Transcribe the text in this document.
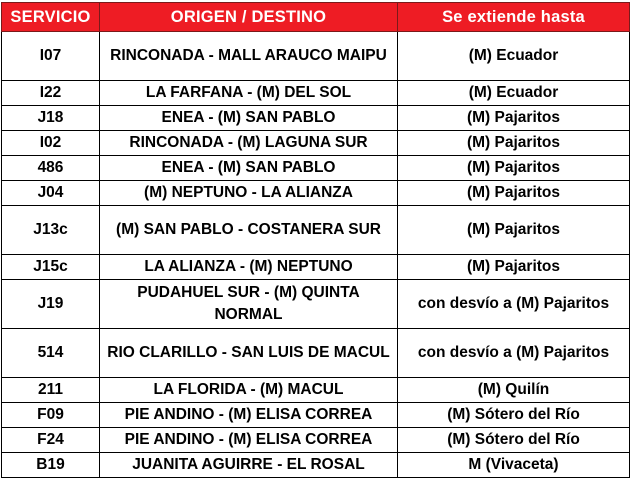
SERVICIO	ORIGEN / DESTINO	Se extiende hasta
I07	RINCONADA - MALL ARAUCO MAIPU	(M) Ecuador
I22	LA FARFANA - (M) DEL SOL	(M) Ecuador
J18	ENEA - (M) SAN PABLO	(M) Pajaritos
I02	RINCONADA - (M) LAGUNA SUR	(M) Pajaritos
486	ENEA - (M) SAN PABLO	(M) Pajaritos
J04	(M) NEPTUNO - LA ALIANZA	(M) Pajaritos
J13c	(M) SAN PABLO - COSTANERA SUR	(M) Pajaritos
J15c	LA ALIANZA - (M) NEPTUNO	(M) Pajaritos
J19	PUDAHUEL SUR - (M) QUINTA NORMAL	con desvío a (M) Pajaritos
514	RIO CLARILLO - SAN LUIS DE MACUL	con desvío a (M) Pajaritos
211	LA FLORIDA - (M) MACUL	(M) Quilín
F09	PIE ANDINO - (M) ELISA CORREA	(M) Sótero del Río
F24	PIE ANDINO - (M) ELISA CORREA	(M) Sótero del Río
B19	JUANITA AGUIRRE - EL ROSAL	M (Vivaceta)
